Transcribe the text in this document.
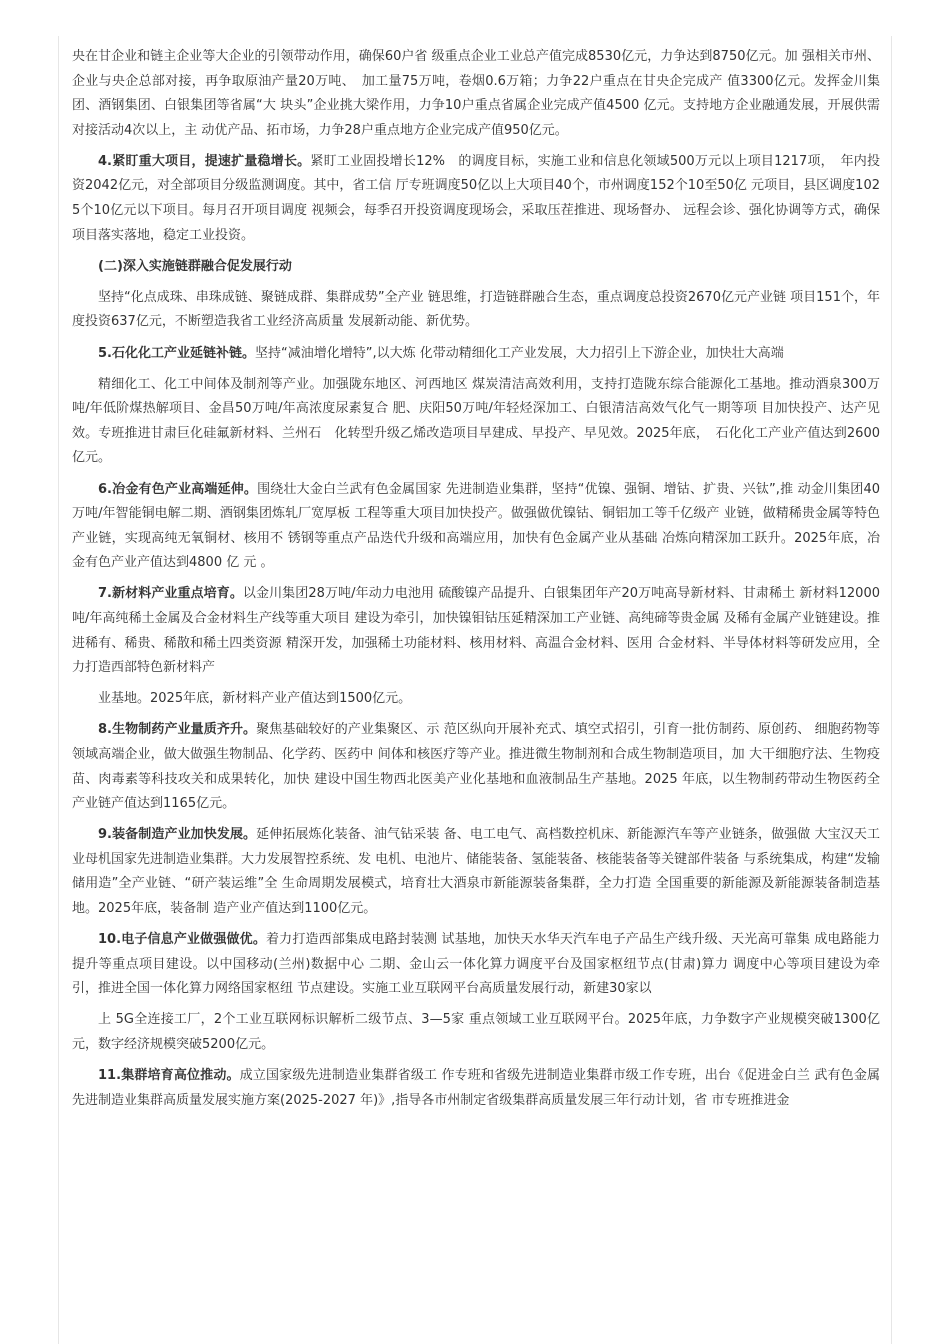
央在甘企业和链主企业等大企业的引领带动作用，确保60户省 级重点企业工业总产值完成8530亿元，力争达到8750亿元。加 强相关市州、企业与央企总部对接，再争取原油产量20万吨、　加工量75万吨，卷烟0.6万箱；力争22户重点在甘央企完成产 值3300亿元。发挥金川集团、酒钢集团、白银集团等省属“大 块头”企业挑大梁作用，力争10户重点省属企业完成产值4500 亿元。支持地方企业融通发展，开展供需对接活动4次以上，主 动优产品、拓市场，力争28户重点地方企业完成产值950亿元。

4.紧盯重大项目，提速扩量稳增长。紧盯工业固投增长12%　的调度目标，实施工业和信息化领域500万元以上项目1217项，　年内投资2042亿元，对全部项目分级监测调度。其中，省工信 厅专班调度50亿以上大项目40个，市州调度152个10至50亿 元项目，县区调度1025个10亿元以下项目。每月召开项目调度 视频会，每季召开投资调度现场会，采取压茬推进、现场督办、 远程会诊、强化协调等方式，确保项目落实落地，稳定工业投资。

(二)深入实施链群融合促发展行动

坚持“化点成珠、串珠成链、聚链成群、集群成势”全产业 链思维，打造链群融合生态，重点调度总投资2670亿元产业链 项目151个，年度投资637亿元，不断塑造我省工业经济高质量 发展新动能、新优势。

5.石化化工产业延链补链。坚持“减油增化增特”,以大炼 化带动精细化工产业发展，大力招引上下游企业，加快壮大高端

精细化工、化工中间体及制剂等产业。加强陇东地区、河西地区 煤炭清洁高效利用，支持打造陇东综合能源化工基地。推动酒泉300万吨/年低阶煤热解项目、金昌50万吨/年高浓度尿素复合 肥、庆阳50万吨/年轻烃深加工、白银清洁高效气化气一期等项 目加快投产、达产见效。专班推进甘肃巨化硅氟新材料、兰州石　化转型升级乙烯改造项目早建成、早投产、早见效。2025年底，　石化化工产业产值达到2600亿元。

6.冶金有色产业高端延伸。围绕壮大金白兰武有色金属国家 先进制造业集群，坚持“优镍、强铜、增钴、扩贵、兴钛”,推 动金川集团40万吨/年智能铜电解二期、酒钢集团炼轧厂宽厚板 工程等重大项目加快投产。做强做优镍钴、铜铝加工等千亿级产 业链，做精稀贵金属等特色产业链，实现高纯无氧铜材、核用不 锈钢等重点产品迭代升级和高端应用，加快有色金属产业从基础 冶炼向精深加工跃升。2025年底，冶金有色产业产值达到4800 亿 元 。

7.新材料产业重点培育。以金川集团28万吨/年动力电池用 硫酸镍产品提升、白银集团年产20万吨高导新材料、甘肃稀土 新材料12000吨/年高纯稀土金属及合金材料生产线等重大项目 建设为牵引，加快镍钼钴压延精深加工产业链、高纯碲等贵金属 及稀有金属产业链建设。推进稀有、稀贵、稀散和稀土四类资源 精深开发，加强稀土功能材料、核用材料、高温合金材料、医用 合金材料、半导体材料等研发应用，全力打造西部特色新材料产

业基地。2025年底，新材料产业产值达到1500亿元。

8.生物制药产业量质齐升。聚焦基础较好的产业集聚区、示 范区纵向开展补充式、填空式招引，引育一批仿制药、原创药、 细胞药物等领域高端企业，做大做强生物制品、化学药、医药中 间体和核医疗等产业。推进微生物制剂和合成生物制造项目，加 大干细胞疗法、生物疫苗、肉毒素等科技攻关和成果转化，加快 建设中国生物西北医美产业化基地和血液制品生产基地。2025 年底，以生物制药带动生物医药全产业链产值达到1165亿元。

9.装备制造产业加快发展。延伸拓展炼化装备、油气钻采装 备、电工电气、高档数控机床、新能源汽车等产业链条，做强做 大宝汉天工业母机国家先进制造业集群。大力发展智控系统、发 电机、电池片、储能装备、氢能装备、核能装备等关键部件装备 与系统集成，构建“发输储用造”全产业链、“研产装运维”全 生命周期发展模式，培育壮大酒泉市新能源装备集群，全力打造 全国重要的新能源及新能源装备制造基地。2025年底，装备制 造产业产值达到1100亿元。

10.电子信息产业做强做优。着力打造西部集成电路封装测 试基地，加快天水华天汽车电子产品生产线升级、天光高可靠集 成电路能力提升等重点项目建设。以中国移动(兰州)数据中心 二期、金山云一体化算力调度平台及国家枢纽节点(甘肃)算力 调度中心等项目建设为牵引，推进全国一体化算力网络国家枢纽 节点建设。实施工业互联网平台高质量发展行动，新建30家以

上 5G全连接工厂，2个工业互联网标识解析二级节点、3—5家 重点领域工业互联网平台。2025年底，力争数字产业规模突破1300亿元，数字经济规模突破5200亿元。

11.集群培育高位推动。成立国家级先进制造业集群省级工 作专班和省级先进制造业集群市级工作专班，出台《促进金白兰 武有色金属先进制造业集群高质量发展实施方案(2025-2027 年)》,指导各市州制定省级集群高质量发展三年行动计划，省 市专班推进金
